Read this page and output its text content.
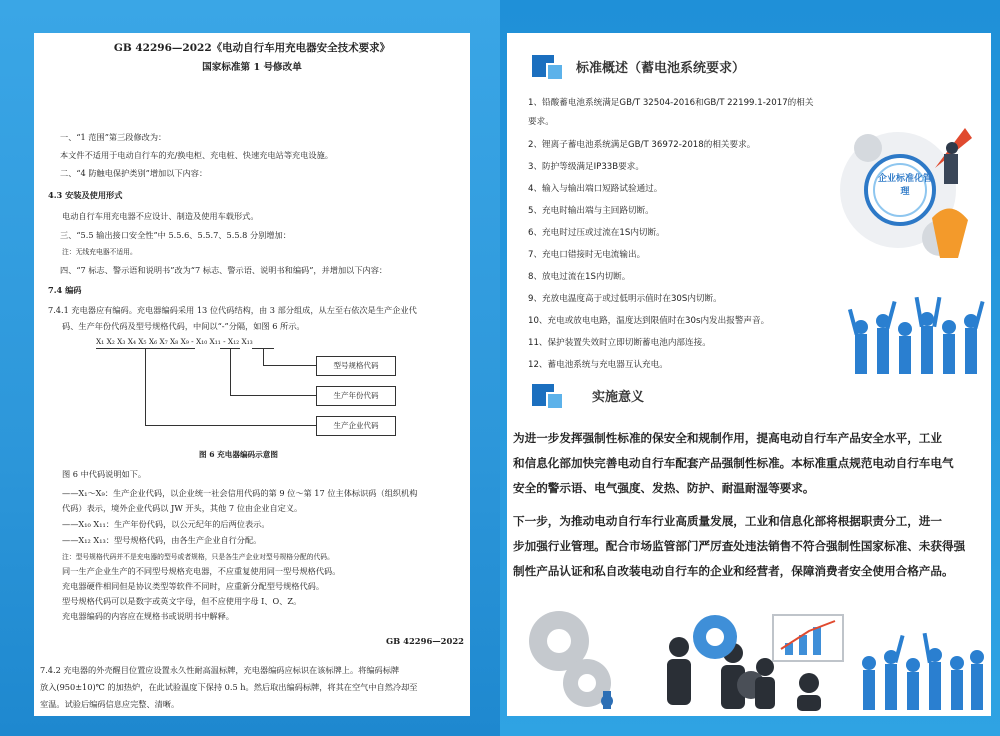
GB 42296—2022《电动自行车用充电器安全技术要求》
国家标准第 1 号修改单
一、“1 范围”第三段修改为：
本文件不适用于电动自行车的充/换电柜、充电桩、快速充电站等充电设施。
二、“4 防触电保护类别”增加以下内容：
4.3 安装及使用形式
电动自行车用充电器不应设计、制造及使用车载形式。
三、“5.5 输出接口安全性”中 5.5.6、5.5.7、5.5.8 分别增加：
注：无线充电器不适用。
四、“7 标志、警示语和说明书”改为“7 标志、警示语、说明书和编码”，并增加以下内容：
7.4 编码
7.4.1 充电器应有编码。充电器编码采用 13 位代码结构，由 3 部分组成，从左至右依次是生产企业代
码、生产年份代码及型号规格代码，中间以“-”分隔，如图 6 所示。
X₁ X₂ X₃ X₄ X₅ X₆ X₇ X₈ X₉ - X₁₀ X₁₁ - X₁₂ X₁₃
型号规格代码
生产年份代码
生产企业代码
图 6 充电器编码示意图
图 6 中代码说明如下。
——X₁～X₉：生产企业代码，以企业统一社会信用代码的第 9 位～第 17 位主体标识码（组织机构
代码）表示，境外企业代码以 JW 开头，其他 7 位由企业自定义。
——X₁₀ X₁₁：生产年份代码，以公元纪年的后两位表示。
——X₁₂ X₁₃：型号规格代码，由各生产企业自行分配。
注：型号规格代码并不是充电器的型号或者规格，只是各生产企业对型号规格分配的代码。
同一生产企业生产的不同型号规格充电器，不应重复使用同一型号规格代码。
充电器硬件相同但是协议类型等软件不同时，应重新分配型号规格代码。
型号规格代码可以是数字或英文字母，但不应使用字母 I、O、Z。
充电器编码的内容应在规格书或说明书中解释。
GB 42296—2022
7.4.2 充电器的外壳醒目位置应设置永久性耐高温标牌，充电器编码应标识在该标牌上。将编码标牌
放入(950±10)℃ 的加热炉，在此试验温度下保持 0.5 h。然后取出编码标牌，将其在空气中自然冷却至
室温。试验后编码信息应完整、清晰。
标准概述（蓄电池系统要求）
1、铅酸蓄电池系统满足GB/T 32504-2016和GB/T 22199.1-2017的相关
要求。
2、锂离子蓄电池系统满足GB/T 36972-2018的相关要求。
3、防护等级满足IP33B要求。
4、输入与输出端口短路试验通过。
5、充电时输出端与主回路切断。
6、充电时过压或过流在1S内切断。
7、充电口错接时无电流输出。
8、放电过流在1S内切断。
9、充放电温度高于或过低明示值时在30S内切断。
10、充电或放电电路，温度达到限值时在30s内发出报警声音。
11、保护装置失效时立即切断蓄电池内部连接。
12、蓄电池系统与充电器互认充电。
企业标准化管理
实施意义
为进一步发挥强制性标准的保安全和规制作用，提高电动自行车产品安全水平，工业
和信息化部加快完善电动自行车配套产品强制性标准。本标准重点规范电动自行车电气
安全的警示语、电气强度、发热、防护、耐温耐湿等要求。
下一步，为推动电动自行车行业高质量发展，工业和信息化部将根据职责分工，进一
步加强行业管理。配合市场监管部门严厉查处违法销售不符合强制性国家标准、未获得强
制性产品认证和私自改装电动自行车的企业和经营者，保障消费者安全使用合格产品。
